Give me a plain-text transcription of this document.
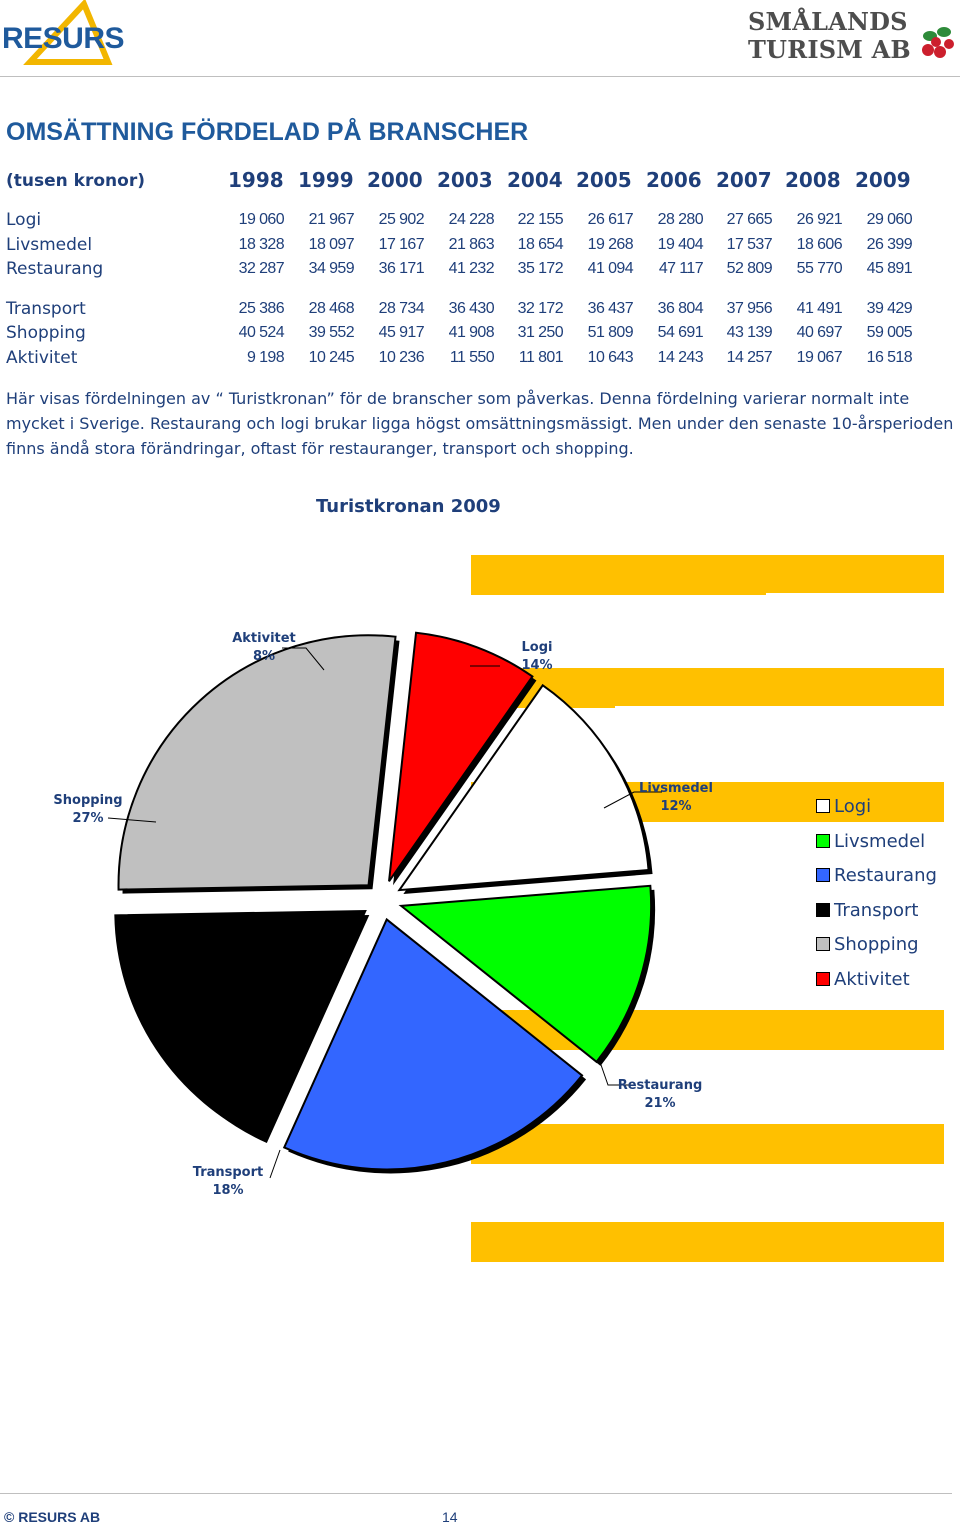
RESURS
SMÅLANDS
TURISM AB
OMSÄTTNING FÖRDELAD PÅ BRANSCHER
(tusen kronor)	1998 1999 2000 2003 2004 2005 2006 2007 2008 2009
Logi	19 060	21 967	25 902	24 228	22 155	26 617	28 280	27 665	26 921	29 060
Livsmedel	18 328	18 097	17 167	21 863	18 654	19 268	19 404	17 537	18 606	26 399
Restaurang	32 287	34 959	36 171	41 232	35 172	41 094	47 117	52 809	55 770	45 891
Transport	25 386	28 468	28 734	36 430	32 172	36 437	36 804	37 956	41 491	39 429
Shopping	40 524	39 552	45 917	41 908	31 250	51 809	54 691	43 139	40 697	59 005
Aktivitet	9 198	10 245	10 236	11 550	11 801	10 643	14 243	14 257	19 067	16 518
Här visas fördelningen av “ Turistkronan” för de branscher som påverkas. Denna fördelning varierar normalt inte mycket i Sverige. Restaurang och logi brukar ligga högst omsättningsmässigt. Men under den senaste 10-årsperioden finns ändå stora förändringar, oftast för restauranger, transport och shopping.
Turistkronan 2009
Aktivitet
8%
Logi
14%
Shopping
27%
Livsmedel
12%
Restaurang
21%
Transport
18%
Logi
Livsmedel
Restaurang
Transport
Shopping
Aktivitet
© RESURS AB	14
